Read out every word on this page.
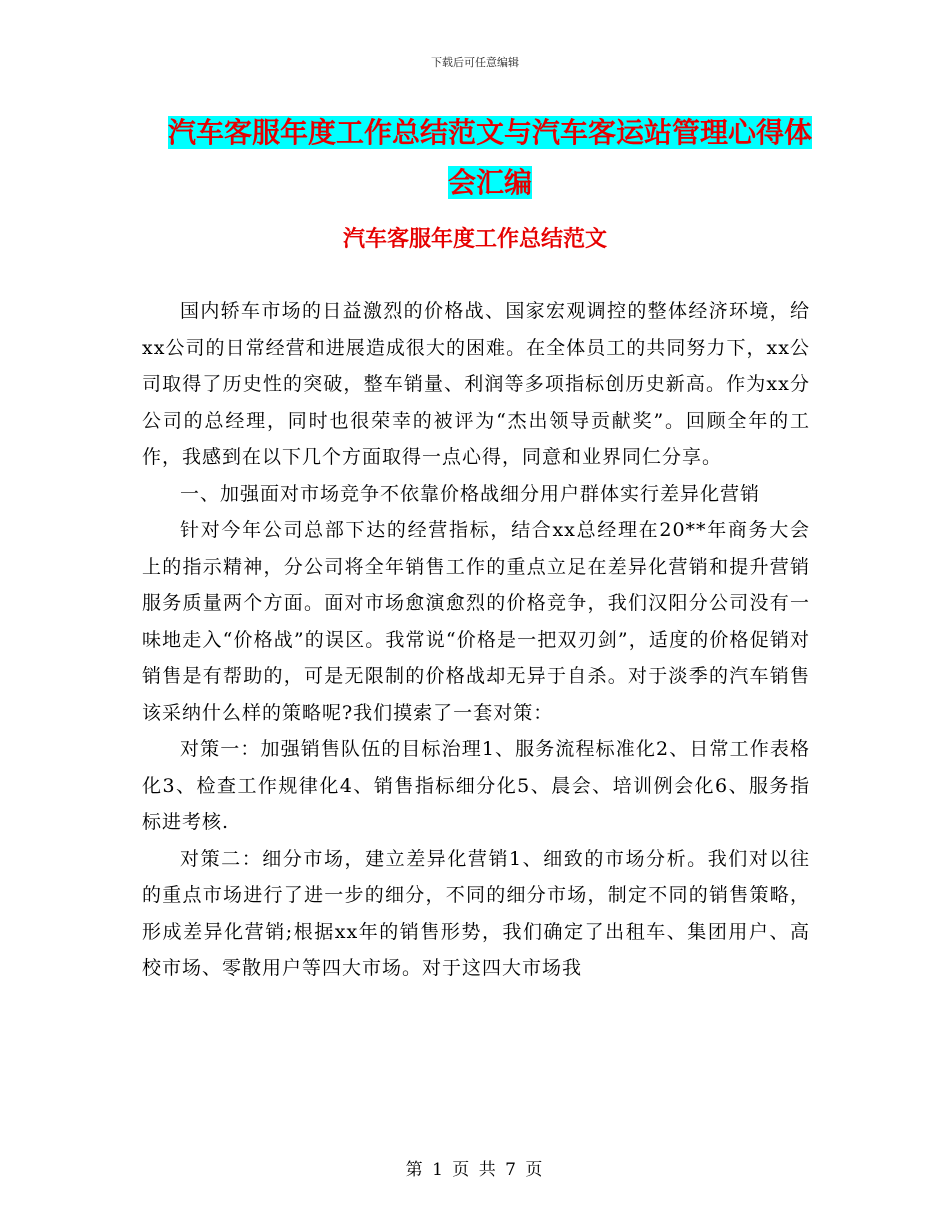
下载后可任意编辑
汽车客服年度工作总结范文与汽车客运站管理心得体
会汇编
汽车客服年度工作总结范文

国内轿车市场的日益激烈的价格战、国家宏观调控的整体经济环境，给xx公司的日常经营和进展造成很大的困难。在全体员工的共同努力下，xx公司取得了历史性的突破，整车销量、利润等多项指标创历史新高。作为xx分公司的总经理，同时也很荣幸的被评为“杰出领导贡献奖”。回顾全年的工作，我感到在以下几个方面取得一点心得，同意和业界同仁分享。

一、加强面对市场竞争不依靠价格战细分用户群体实行差异化营销

针对今年公司总部下达的经营指标，结合xx总经理在20**年商务大会上的指示精神，分公司将全年销售工作的重点立足在差异化营销和提升营销服务质量两个方面。面对市场愈演愈烈的价格竞争，我们汉阳分公司没有一味地走入“价格战”的误区。我常说“价格是一把双刃剑”，适度的价格促销对销售是有帮助的，可是无限制的价格战却无异于自杀。对于淡季的汽车销售该采纳什么样的策略呢?我们摸索了一套对策：

对策一：加强销售队伍的目标治理1、服务流程标准化2、日常工作表格化3、检查工作规律化4、销售指标细分化5、晨会、培训例会化6、服务指标进考核.

对策二：细分市场，建立差异化营销1、细致的市场分析。我们对以往的重点市场进行了进一步的细分，不同的细分市场，制定不同的销售策略，形成差异化营销;根据xx年的销售形势，我们确定了出租车、集团用户、高校市场、零散用户等四大市场。对于这四大市场我

第 1 页 共 7 页
